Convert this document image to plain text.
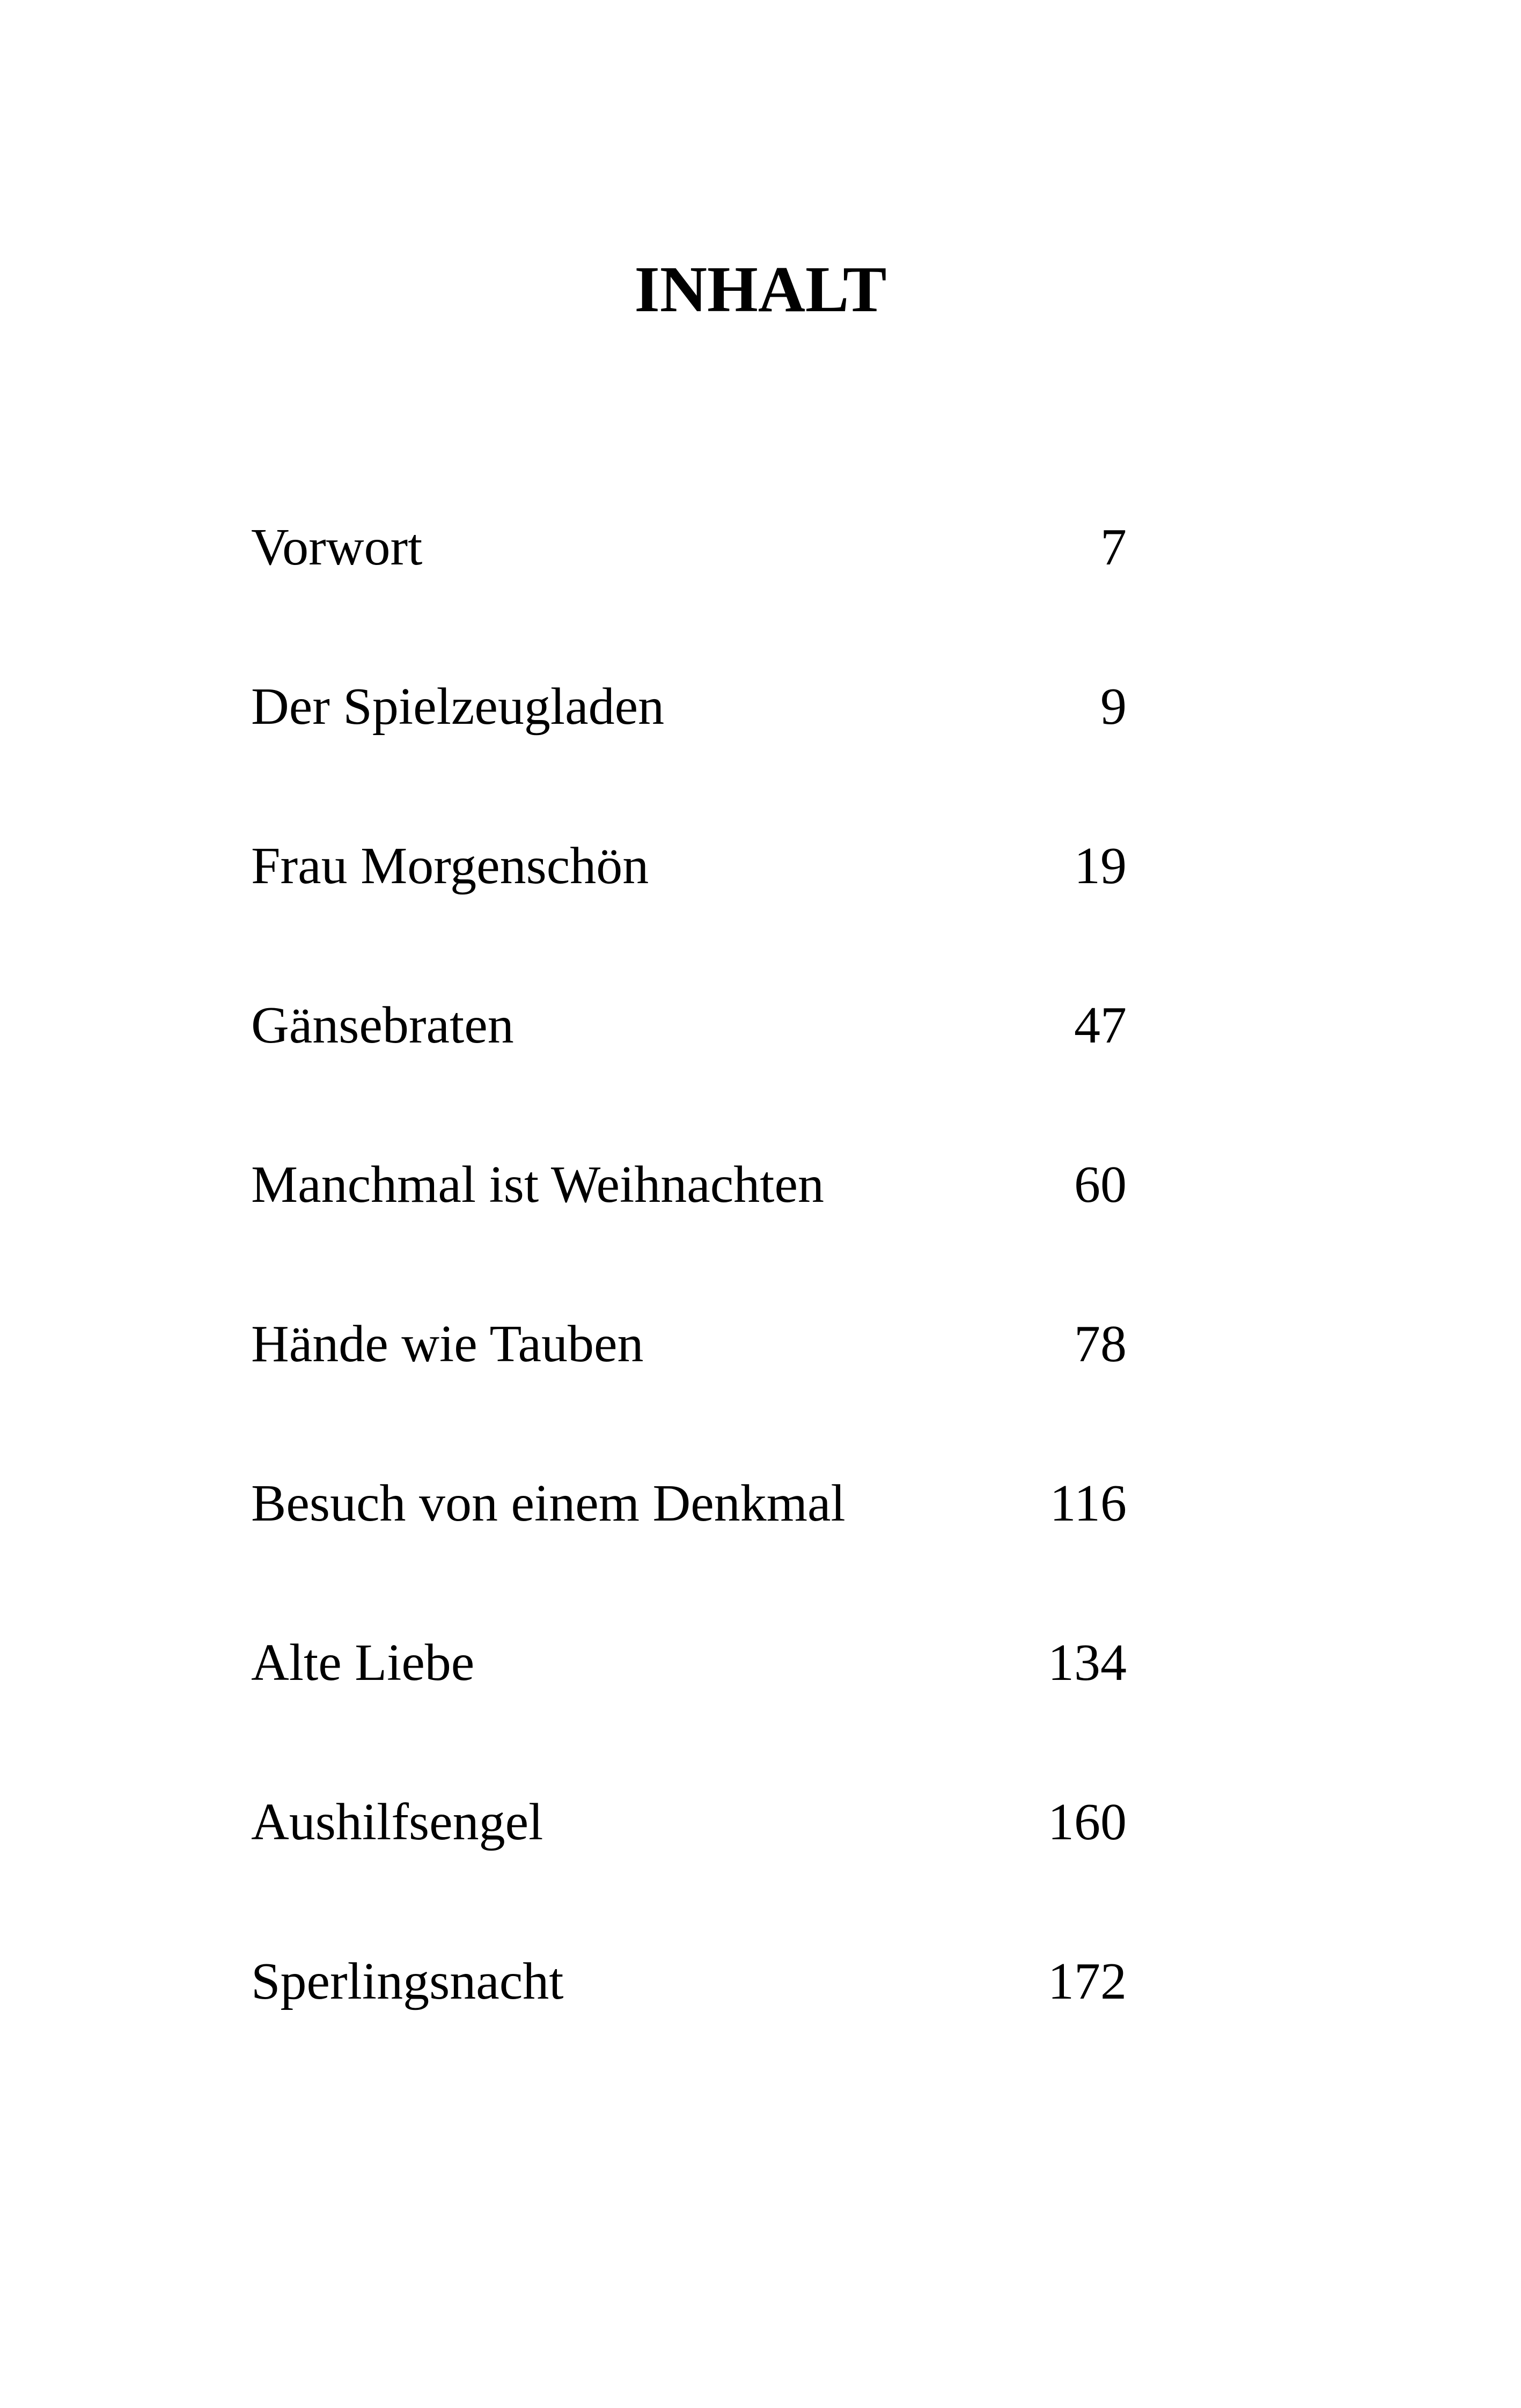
INHALT
Vorwort	7
Der Spielzeugladen	9
Frau Morgenschön	19
Gänsebraten	47
Manchmal ist Weihnachten	60
Hände wie Tauben	78
Besuch von einem Denkmal	116
Alte Liebe	134
Aushilfsengel	160
Sperlingsnacht	172
